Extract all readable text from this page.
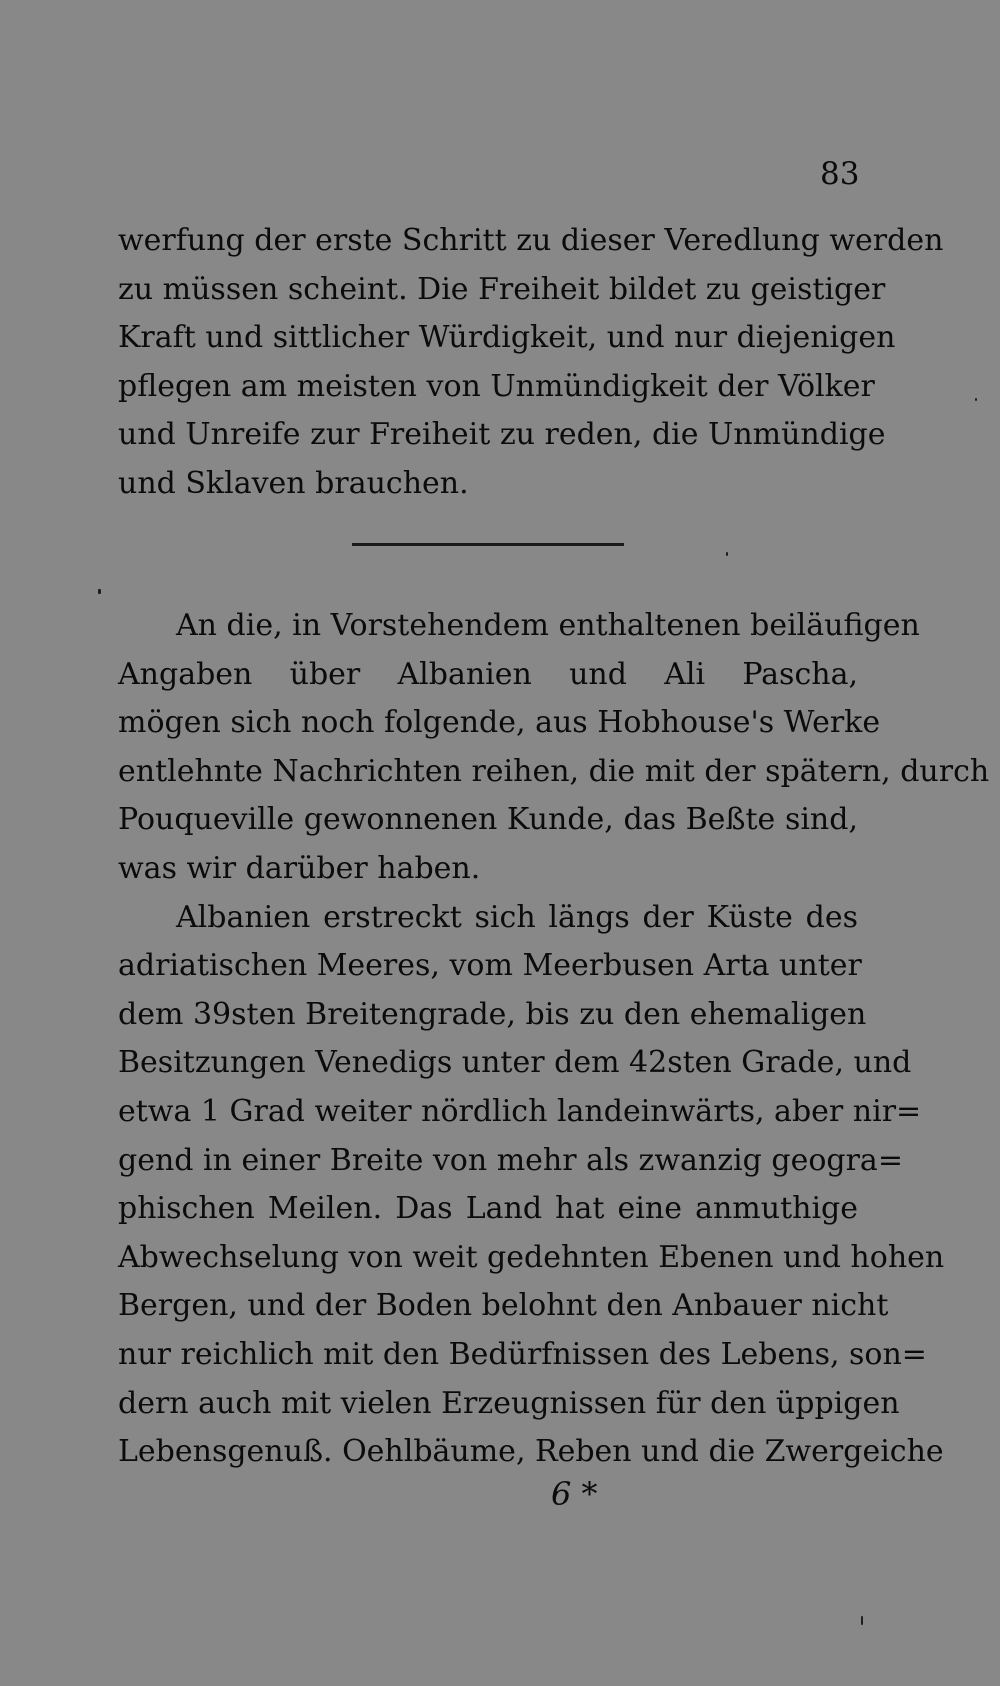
83
werfung der erste Schritt zu dieser Veredlung werden
zu müssen scheint. Die Freiheit bildet zu geistiger
Kraft und sittlicher Würdigkeit, und nur diejenigen
pflegen am meisten von Unmündigkeit der Völker
und Unreife zur Freiheit zu reden, die Unmündige
und Sklaven brauchen.
An die, in Vorstehendem enthaltenen beiläufigen
Angaben über Albanien und Ali Pascha,
mögen sich noch folgende, aus Hobhouse's Werke
entlehnte Nachrichten reihen, die mit der spätern, durch
Pouqueville gewonnenen Kunde, das Beßte sind,
was wir darüber haben.
Albanien erstreckt sich längs der Küste des
adriatischen Meeres, vom Meerbusen Arta unter
dem 39sten Breitengrade, bis zu den ehemaligen
Besitzungen Venedigs unter dem 42sten Grade, und
etwa 1 Grad weiter nördlich landeinwärts, aber nir=
gend in einer Breite von mehr als zwanzig geogra=
phischen Meilen. Das Land hat eine anmuthige
Abwechselung von weit gedehnten Ebenen und hohen
Bergen, und der Boden belohnt den Anbauer nicht
nur reichlich mit den Bedürfnissen des Lebens, son=
dern auch mit vielen Erzeugnissen für den üppigen
Lebensgenuß. Oehlbäume, Reben und die Zwergeiche
6 *
